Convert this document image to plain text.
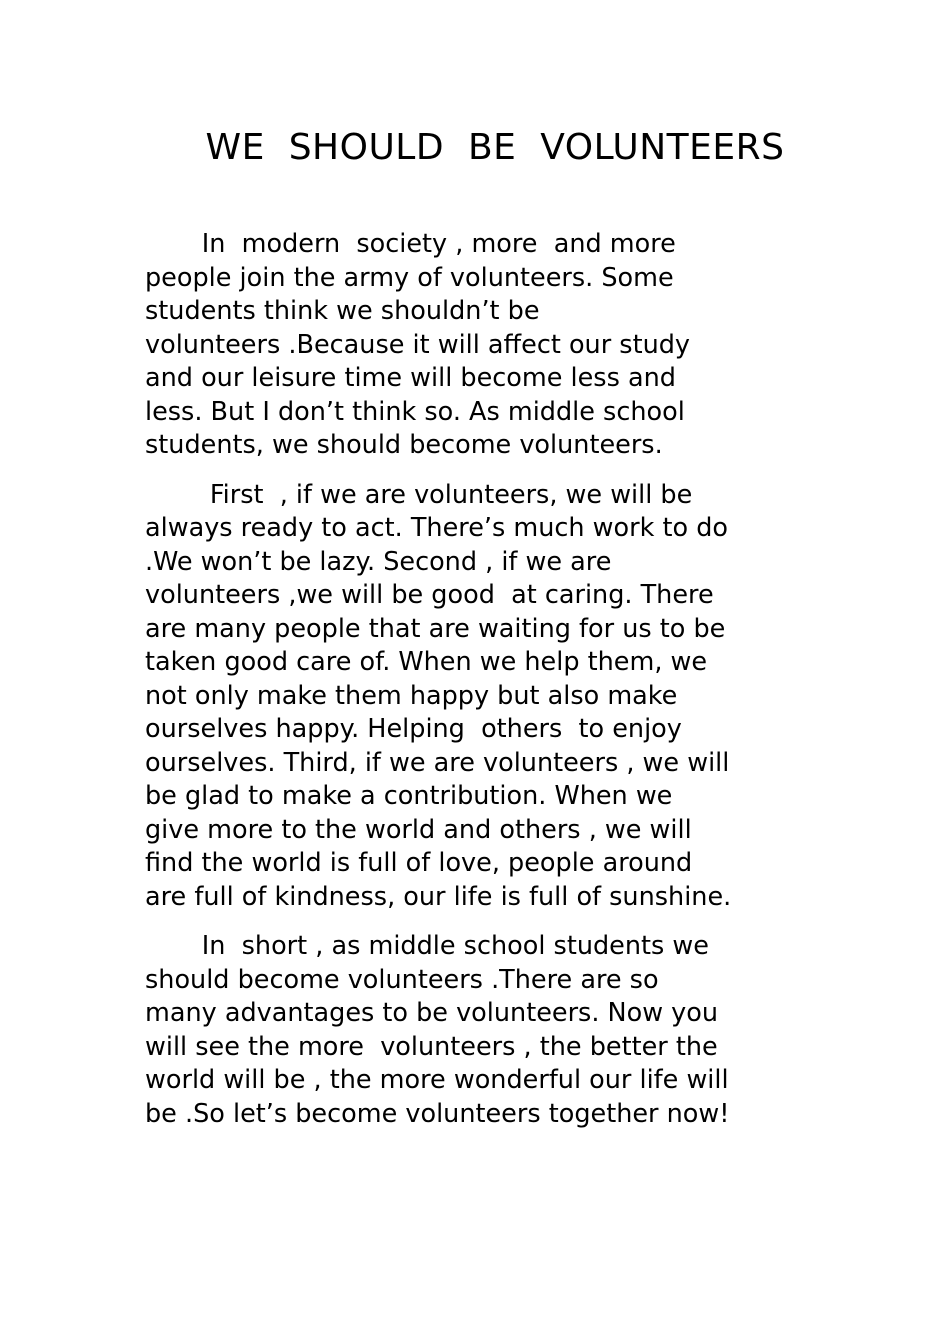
WE  SHOULD  BE  VOLUNTEERS

In  modern  society , more  and more
people join the army of volunteers. Some
students think we shouldn’t be
volunteers .Because it will affect our study
and our leisure time will become less and
less. But I don’t think so. As middle school
students, we should become volunteers.

First  , if we are volunteers, we will be
always ready to act. There’s much work to do
.We won’t be lazy. Second , if we are
volunteers ,we will be good  at caring. There
are many people that are waiting for us to be
taken good care of. When we help them, we
not only make them happy but also make
ourselves happy. Helping  others  to enjoy
ourselves. Third, if we are volunteers , we will
be glad to make a contribution. When we
give more to the world and others , we will
find the world is full of love, people around
are full of kindness, our life is full of sunshine.

In  short , as middle school students we
should become volunteers .There are so
many advantages to be volunteers. Now you
will see the more  volunteers , the better the
world will be , the more wonderful our life will
be .So let’s become volunteers together now!
